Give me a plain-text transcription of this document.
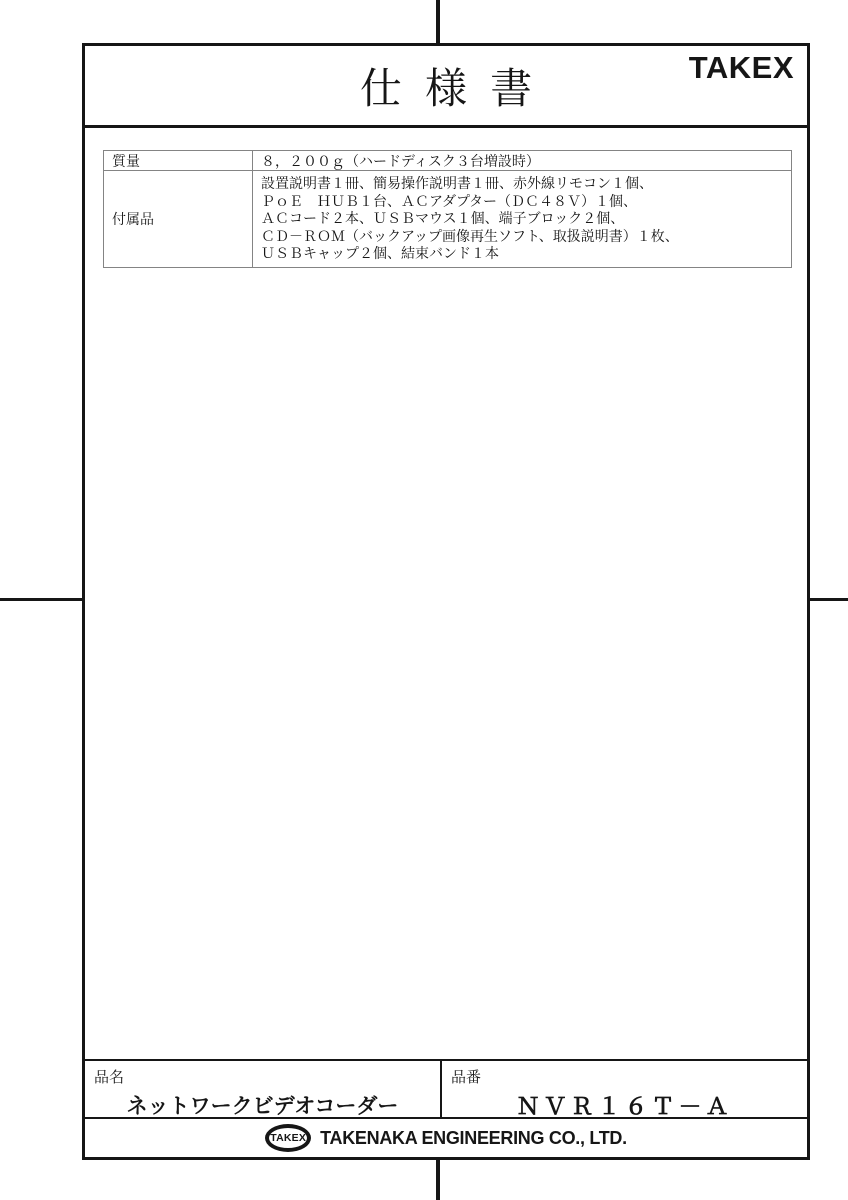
仕様書	TAKEX
質量	８，２００ｇ（ハードディスク３台増設時）
付属品
設置説明書１冊、簡易操作説明書１冊、赤外線リモコン１個、
ＰｏＥ　ＨＵＢ１台、ＡＣアダプター（ＤＣ４８Ｖ）１個、
ＡＣコード２本、ＵＳＢマウス１個、端子ブロック２個、
ＣＤ－ＲＯＭ（バックアップ画像再生ソフト、取扱説明書）１枚、
ＵＳＢキャップ２個、結束バンド１本
品名
ネットワークビデオコーダー
品番
ＮＶＲ１６Ｔ－Ａ
TAKEX TAKENAKA ENGINEERING CO., LTD.
